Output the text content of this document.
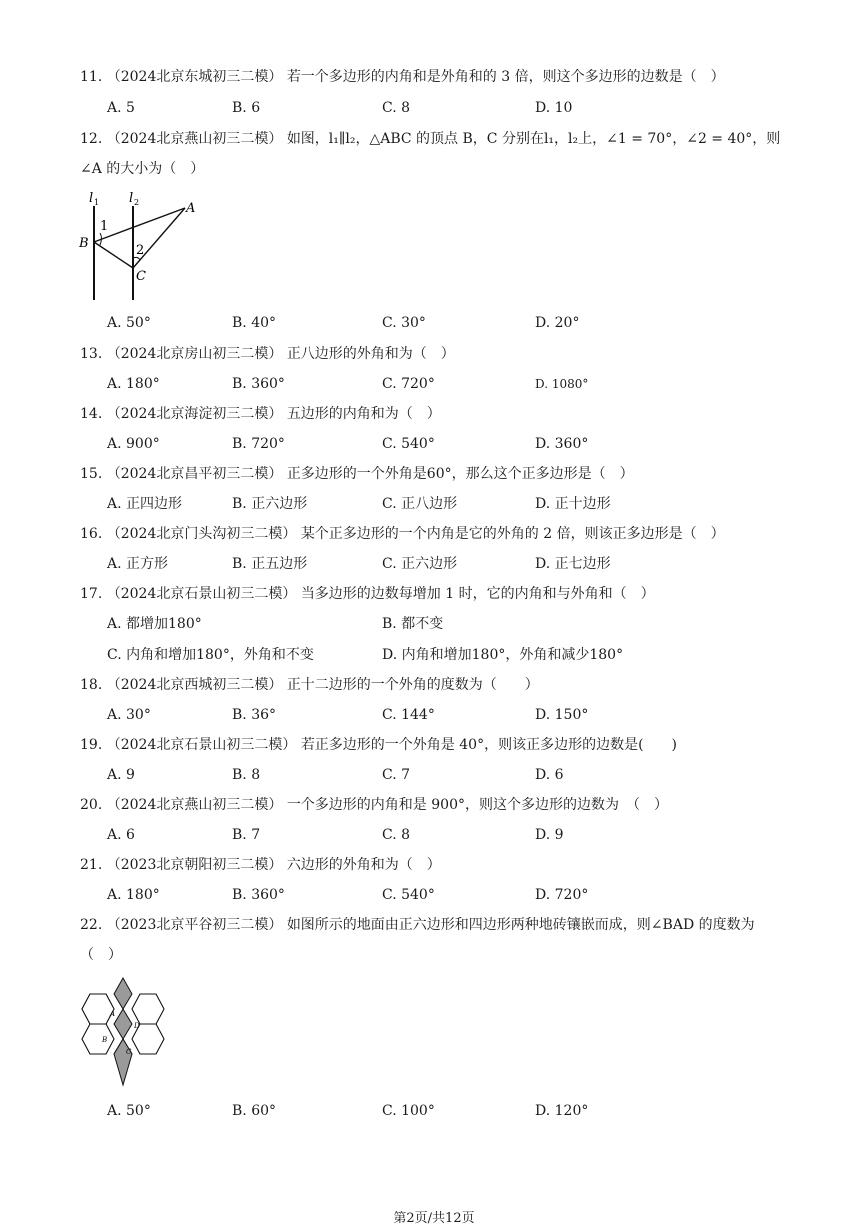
11. （2024北京东城初三二模） 若一个多边形的内角和是外角和的 3 倍，则这个多边形的边数是（　）
A. 5	B. 6	C. 8	D. 10
12. （2024北京燕山初三二模） 如图，l₁∥l₂，△ABC 的顶点 B，C 分别在l₁，l₂上，∠1 = 70°，∠2 = 40°，则
∠A 的大小为（　）
l 1 l 2	A
B
C
1
2
A. 50°	B. 40°	C. 30°	D. 20°
13. （2024北京房山初三二模） 正八边形的外角和为（　）
A. 180°	B. 360°	C. 720°	D. 1080°
14. （2024北京海淀初三二模） 五边形的内角和为（　）
A. 900°	B. 720°	C. 540°	D. 360°
15. （2024北京昌平初三二模） 正多边形的一个外角是60°，那么这个正多边形是（　）
A. 正四边形	B. 正六边形	C. 正八边形	D. 正十边形
16. （2024北京门头沟初三二模） 某个正多边形的一个内角是它的外角的 2 倍，则该正多边形是（　）
A. 正方形	B. 正五边形	C. 正六边形	D. 正七边形
17. （2024北京石景山初三二模） 当多边形的边数每增加 1 时，它的内角和与外角和（　）
A. 都增加180°	B. 都不变
C. 内角和增加180°，外角和不变	D. 内角和增加180°，外角和减少180°
18. （2024北京西城初三二模） 正十二边形的一个外角的度数为（　　）
A. 30°	B. 36°	C. 144°	D. 150°
19. （2024北京石景山初三二模） 若正多边形的一个外角是 40°，则该正多边形的边数是(　　)
A. 9	B. 8	C. 7	D. 6
20. （2024北京燕山初三二模） 一个多边形的内角和是 900°，则这个多边形的边数为　（　）
A. 6	B. 7	C. 8	D. 9
21. （2023北京朝阳初三二模） 六边形的外角和为（　）
A. 180°	B. 360°	C. 540°	D. 720°
22. （2023北京平谷初三二模） 如图所示的地面由正六边形和四边形两种地砖镶嵌而成，则∠BAD 的度数为
（　）
A
D
B
C
A. 50°	B. 60°	C. 100°	D. 120°
第2页/共12页
